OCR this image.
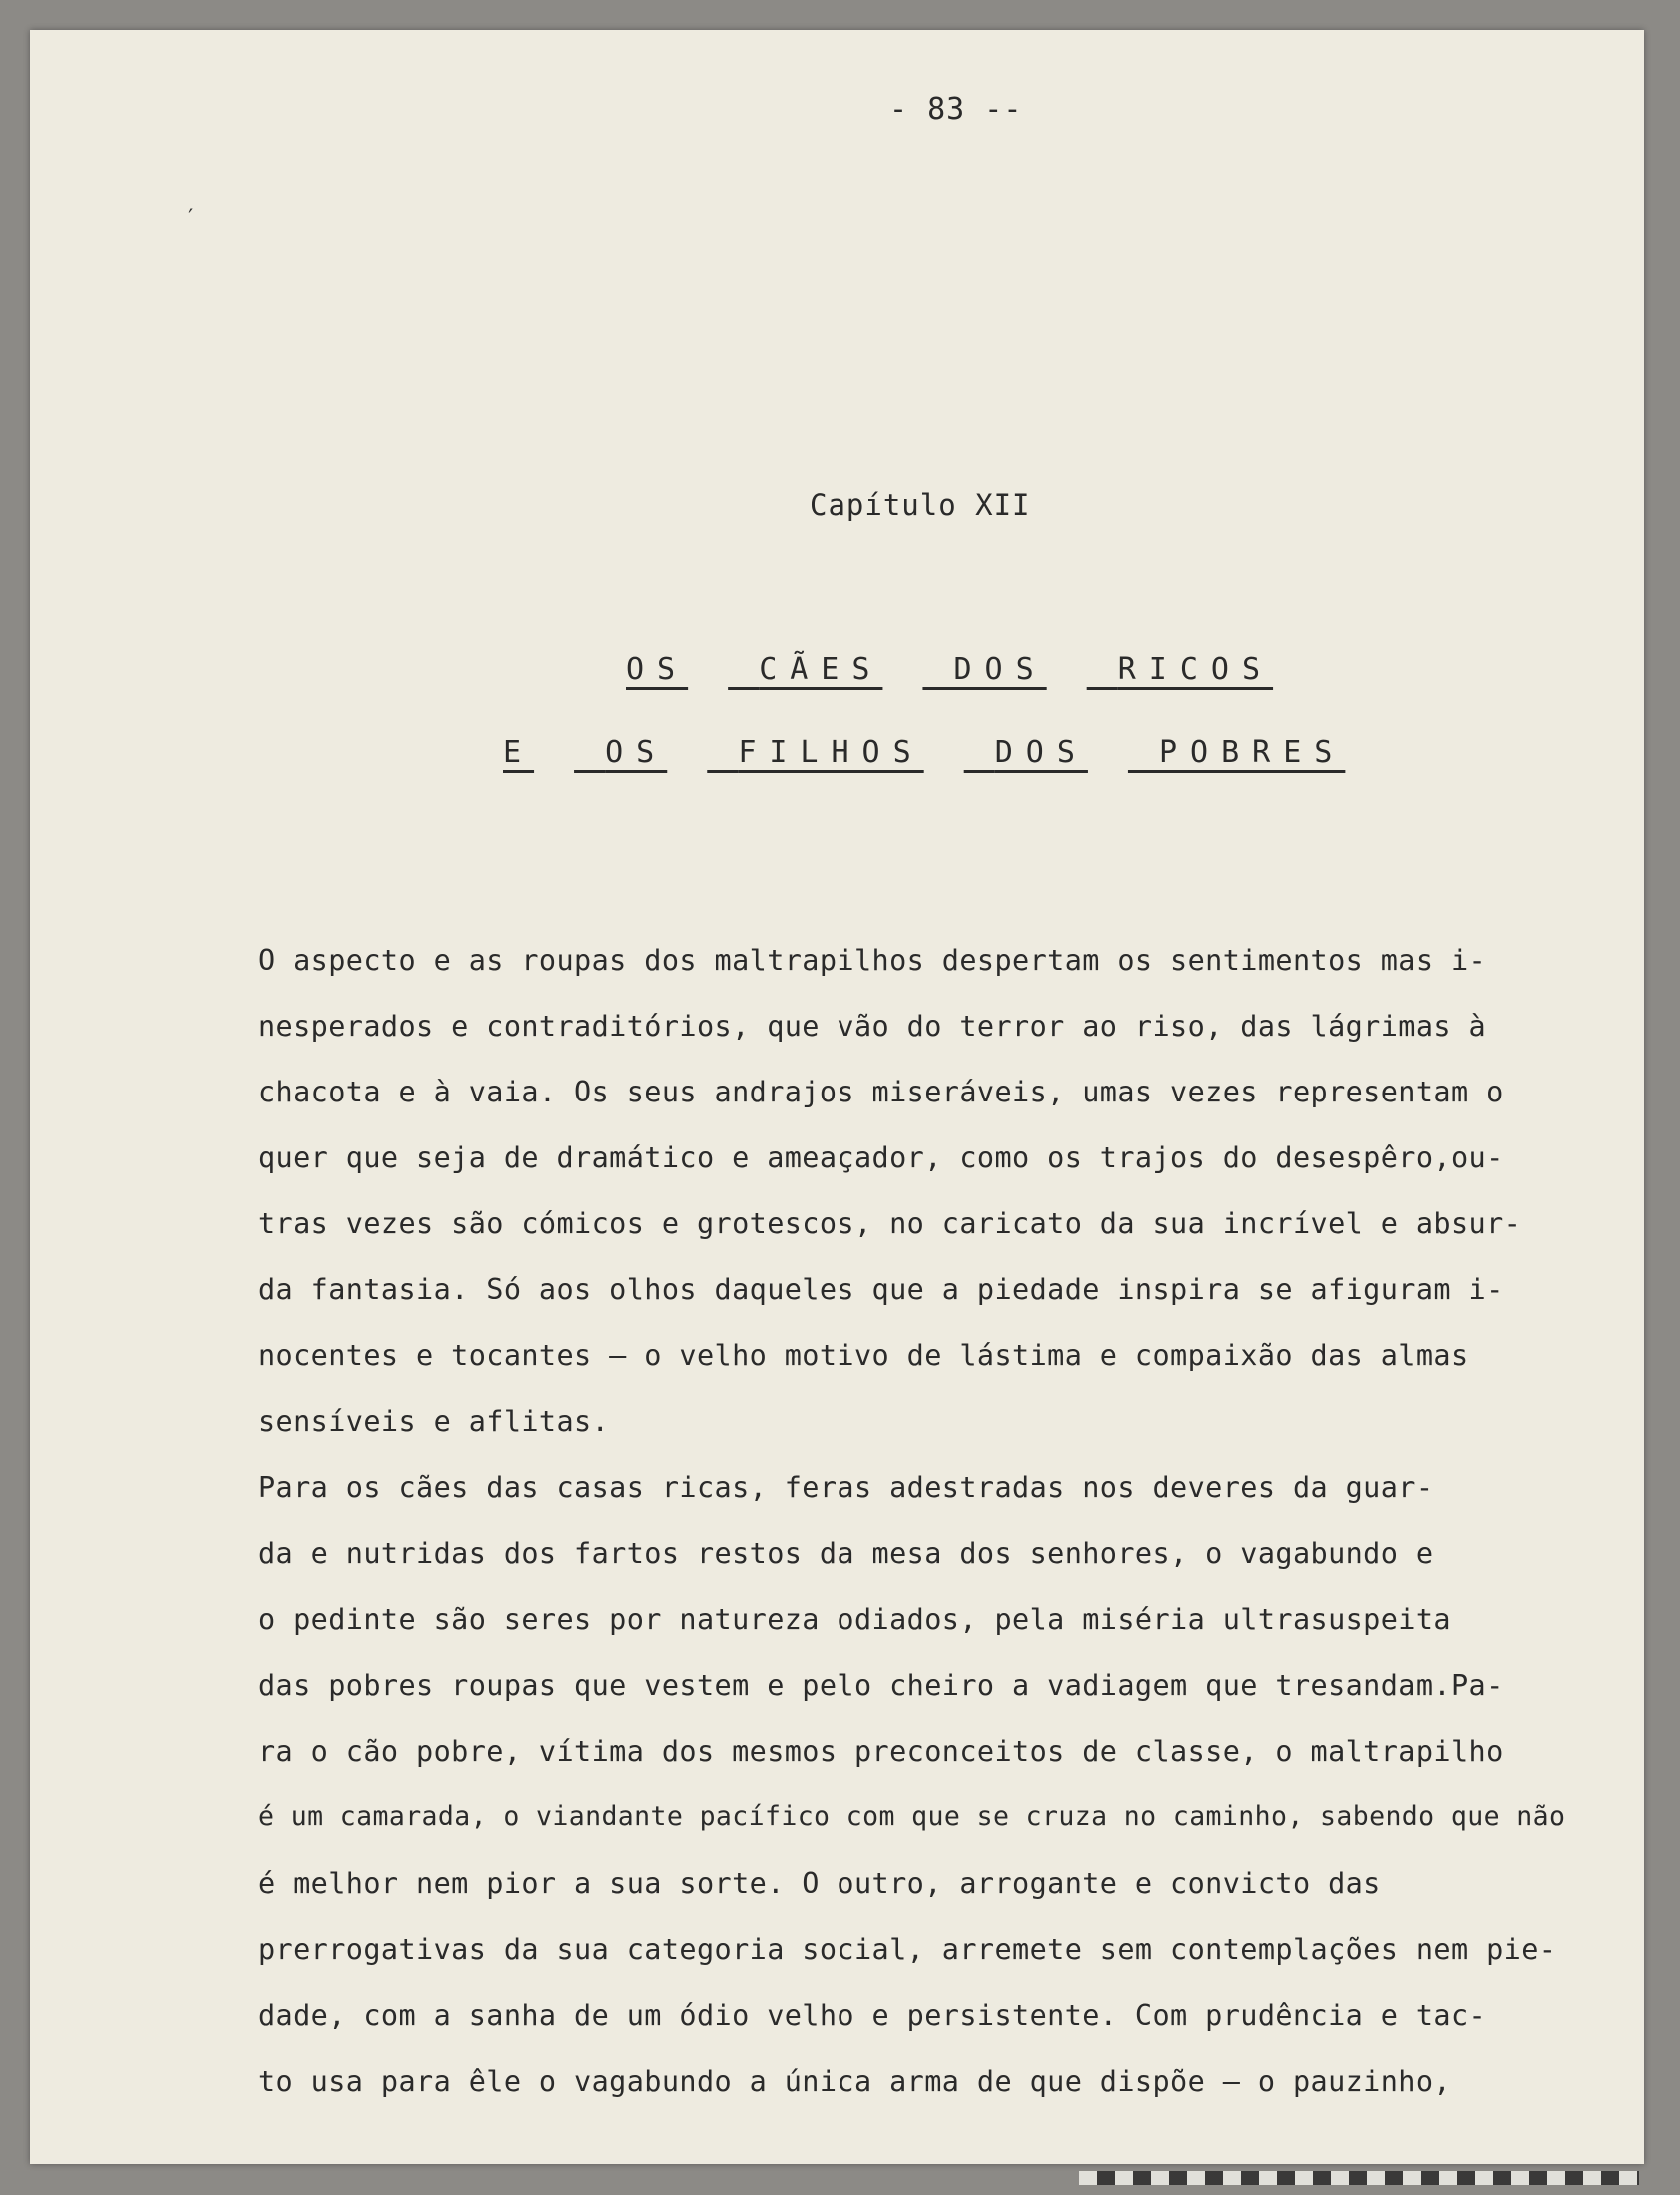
′
- 83 --
Capítulo XII
OS CÃES DOS RICOS
E OS FILHOS DOS POBRES
O aspecto e as roupas dos maltrapilhos despertam os sentimentos mas i-
nesperados e contraditórios, que vão do terror ao riso, das lágrimas à
chacota e à vaia. Os seus andrajos miseráveis, umas vezes representam o
quer que seja de dramático e ameaçador, como os trajos do desespêro,ou-
tras vezes são cómicos e grotescos, no caricato da sua incrível e absur-
da fantasia. Só aos olhos daqueles que a piedade inspira se afiguram i-
nocentes e tocantes — o velho motivo de lástima e compaixão das almas
sensíveis e aflitas.
Para os cães das casas ricas, feras adestradas nos deveres da guar-
da e nutridas dos fartos restos da mesa dos senhores, o vagabundo e
o pedinte são seres por natureza odiados, pela miséria ultrasuspeita
das pobres roupas que vestem e pelo cheiro a vadiagem que tresandam.Pa-
ra o cão pobre, vítima dos mesmos preconceitos de classe, o maltrapilho
é um camarada, o viandante pacífico com que se cruza no caminho, sabendo que não
é melhor nem pior a sua sorte. O outro, arrogante e convicto das
prerrogativas da sua categoria social, arremete sem contemplações nem pie-
dade, com a sanha de um ódio velho e persistente. Com prudência e tac-
to usa para êle o vagabundo a única arma de que dispõe — o pauzinho,
